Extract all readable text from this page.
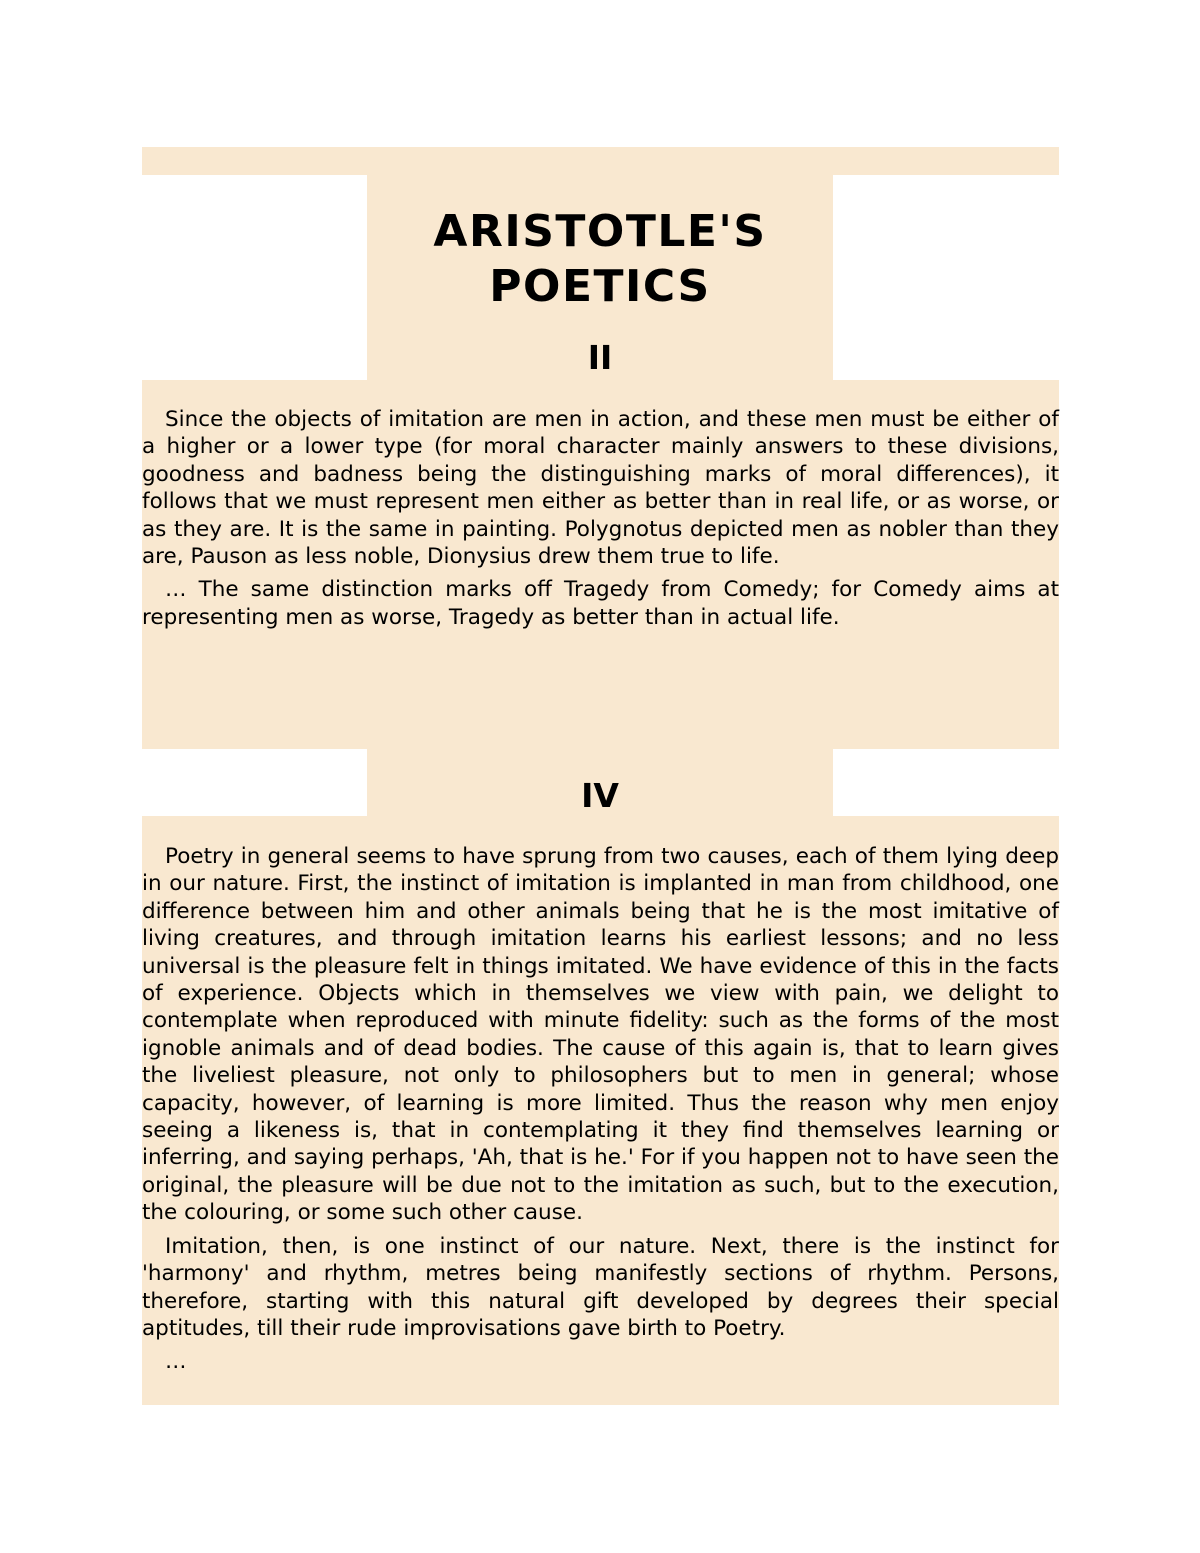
ARISTOTLE'S
POETICS
II

Since the objects of imitation are men in action, and these men must be either of a higher or a lower type (for moral character mainly answers to these divisions, goodness and badness being the distinguishing marks of moral differences), it follows that we must represent men either as better than in real life, or as worse, or as they are. It is the same in painting. Polygnotus depicted men as nobler than they are, Pauson as less noble, Dionysius drew them true to life.

… The same distinction marks off Tragedy from Comedy; for Comedy aims at representing men as worse, Tragedy as better than in actual life.

IV

Poetry in general seems to have sprung from two causes, each of them lying deep in our nature. First, the instinct of imitation is implanted in man from childhood, one difference between him and other animals being that he is the most imitative of living creatures, and through imitation learns his earliest lessons; and no less universal is the pleasure felt in things imitated. We have evidence of this in the facts of experience. Objects which in themselves we view with pain, we delight to contemplate when reproduced with minute fidelity: such as the forms of the most ignoble animals and of dead bodies. The cause of this again is, that to learn gives the liveliest pleasure, not only to philosophers but to men in general; whose capacity, however, of learning is more limited. Thus the reason why men enjoy seeing a likeness is, that in contemplating it they find themselves learning or inferring, and saying perhaps, 'Ah, that is he.' For if you happen not to have seen the original, the pleasure will be due not to the imitation as such, but to the execution, the colouring, or some such other cause.

Imitation, then, is one instinct of our nature. Next, there is the instinct for 'harmony' and rhythm, metres being manifestly sections of rhythm. Persons, therefore, starting with this natural gift developed by degrees their special aptitudes, till their rude improvisations gave birth to Poetry.

…
